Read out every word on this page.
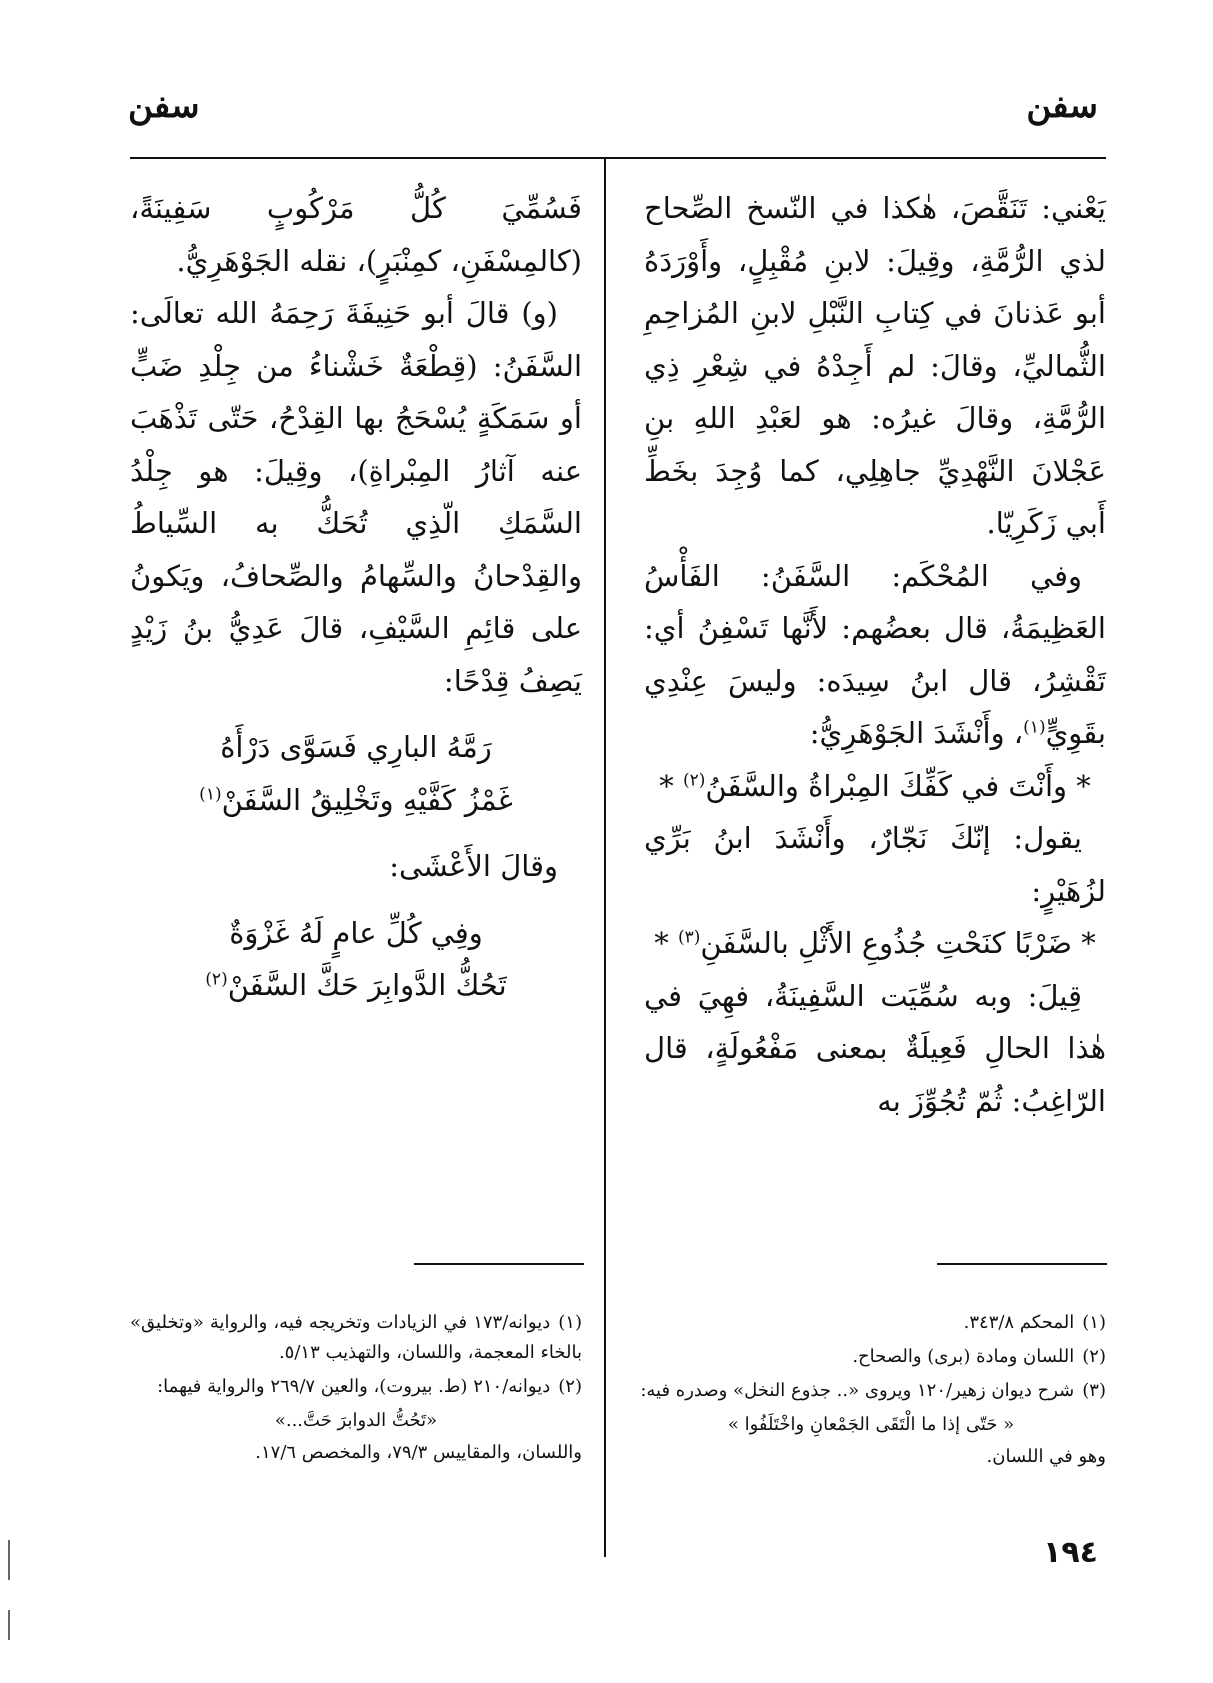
سفن
سفن

يَعْني: تَنَقَّصَ، هٰكذا في النّسخ الصِّحاح لذي الرُّمَّةِ، وقِيلَ: لابنِ مُقْبِلٍ، وأَوْرَدَهُ أبو عَذنانَ في كِتابِ النَّبْلِ لابنِ المُزاحِمِ الثُّماليِّ، وقالَ: لم أَجِدْهُ في شِعْرِ ذِي الرُّمَّةِ، وقالَ غيرُه: هو لعَبْدِ اللهِ بنِ عَجْلانَ النَّهْدِيِّ جاهِلِي، كما وُجِدَ بخَطِّ أَبي زَكَرِيّا.

وفي المُحْكَم: السَّفَنُ: الفَأْسُ العَظِيمَةُ، قال بعضُهم: لأَنَّها تَسْفِنُ أي: تَقْشِرُ، قال ابنُ سِيدَه: وليسَ عِنْدِي بقَوِيٍّ$^{(١)}$، وأَنْشَدَ الجَوْهَرِيُّ:

* وأَنْتَ في كَفِّكَ المِبْراةُ والسَّفَنُ$^{(٢)}$ *

يقول: إنّكَ نَجّارٌ، وأَنْشَدَ ابنُ بَرِّي لزُهَيْرٍ:

* ضَرْبًا كنَحْتِ جُذُوعِ الأَثْلِ بالسَّفَنِ$^{(٣)}$ *

قِيلَ: وبه سُمِّيَت السَّفِينَةُ، فهِيَ في هٰذا الحالِ فَعِيلَةٌ بمعنى مَفْعُولَةٍ، قال الرّاغِبُ: ثُمّ تُجُوِّزَ به

فَسُمِّيَ كُلُّ مَرْكُوبٍ سَفِينَةً، (كالمِسْفَنِ، كمِنْبَرٍ)، نقله الجَوْهَرِيُّ.

(و) قالَ أبو حَنِيفَةَ رَحِمَهُ الله تعالَى: السَّفَنُ: (قِطْعَةٌ خَشْناءُ من جِلْدِ ضَبٍّ أو سَمَكَةٍ يُسْحَجُ بها القِدْحُ، حَتّى تَذْهَبَ عنه آثارُ المِبْراةِ)، وقِيلَ: هو جِلْدُ السَّمَكِ الّذِي تُحَكُّ به السِّياطُ والقِدْحانُ والسِّهامُ والصِّحافُ، ويَكونُ على قائِمِ السَّيْفِ، قالَ عَدِيُّ بنُ زَيْدٍ يَصِفُ قِدْحًا:

رَمَّهُ البارِي فَسَوَّى دَرْأَهُ

غَمْزُ كَفَّيْهِ وتَخْلِيقُ السَّفَنْ$^{(١)}$

وقالَ الأَعْشَى:

وفِي كُلِّ عامٍ لَهُ غَزْوَةٌ

تَحُكُّ الدَّوابِرَ حَكَّ السَّفَنْ$^{(٢)}$

(١)المحكم ٣٤٣/٨.

(٢)اللسان ومادة (برى) والصحاح.

(٣)شرح ديوان زهير/١٢٠ ويروى «.. جذوع النخل» وصدره فيه:

« حَتّى إذا ما الْتَقَى الجَمْعانِ واخْتَلَفُوا »

وهو في اللسان.

(١)ديوانه/١٧٣ في الزيادات وتخريجه فيه، والرواية «وتخليق» بالخاء المعجمة، واللسان، والتهذيب ٥/١٣.

(٢)ديوانه/٢١٠ (ط. بيروت)، والعين ٢٦٩/٧ والرواية فيهما:

«تَحُتُّ الدوابرَ حَتَّ...»

واللسان، والمقاييس ٧٩/٣، والمخصص ١٧/٦.

١٩٤
